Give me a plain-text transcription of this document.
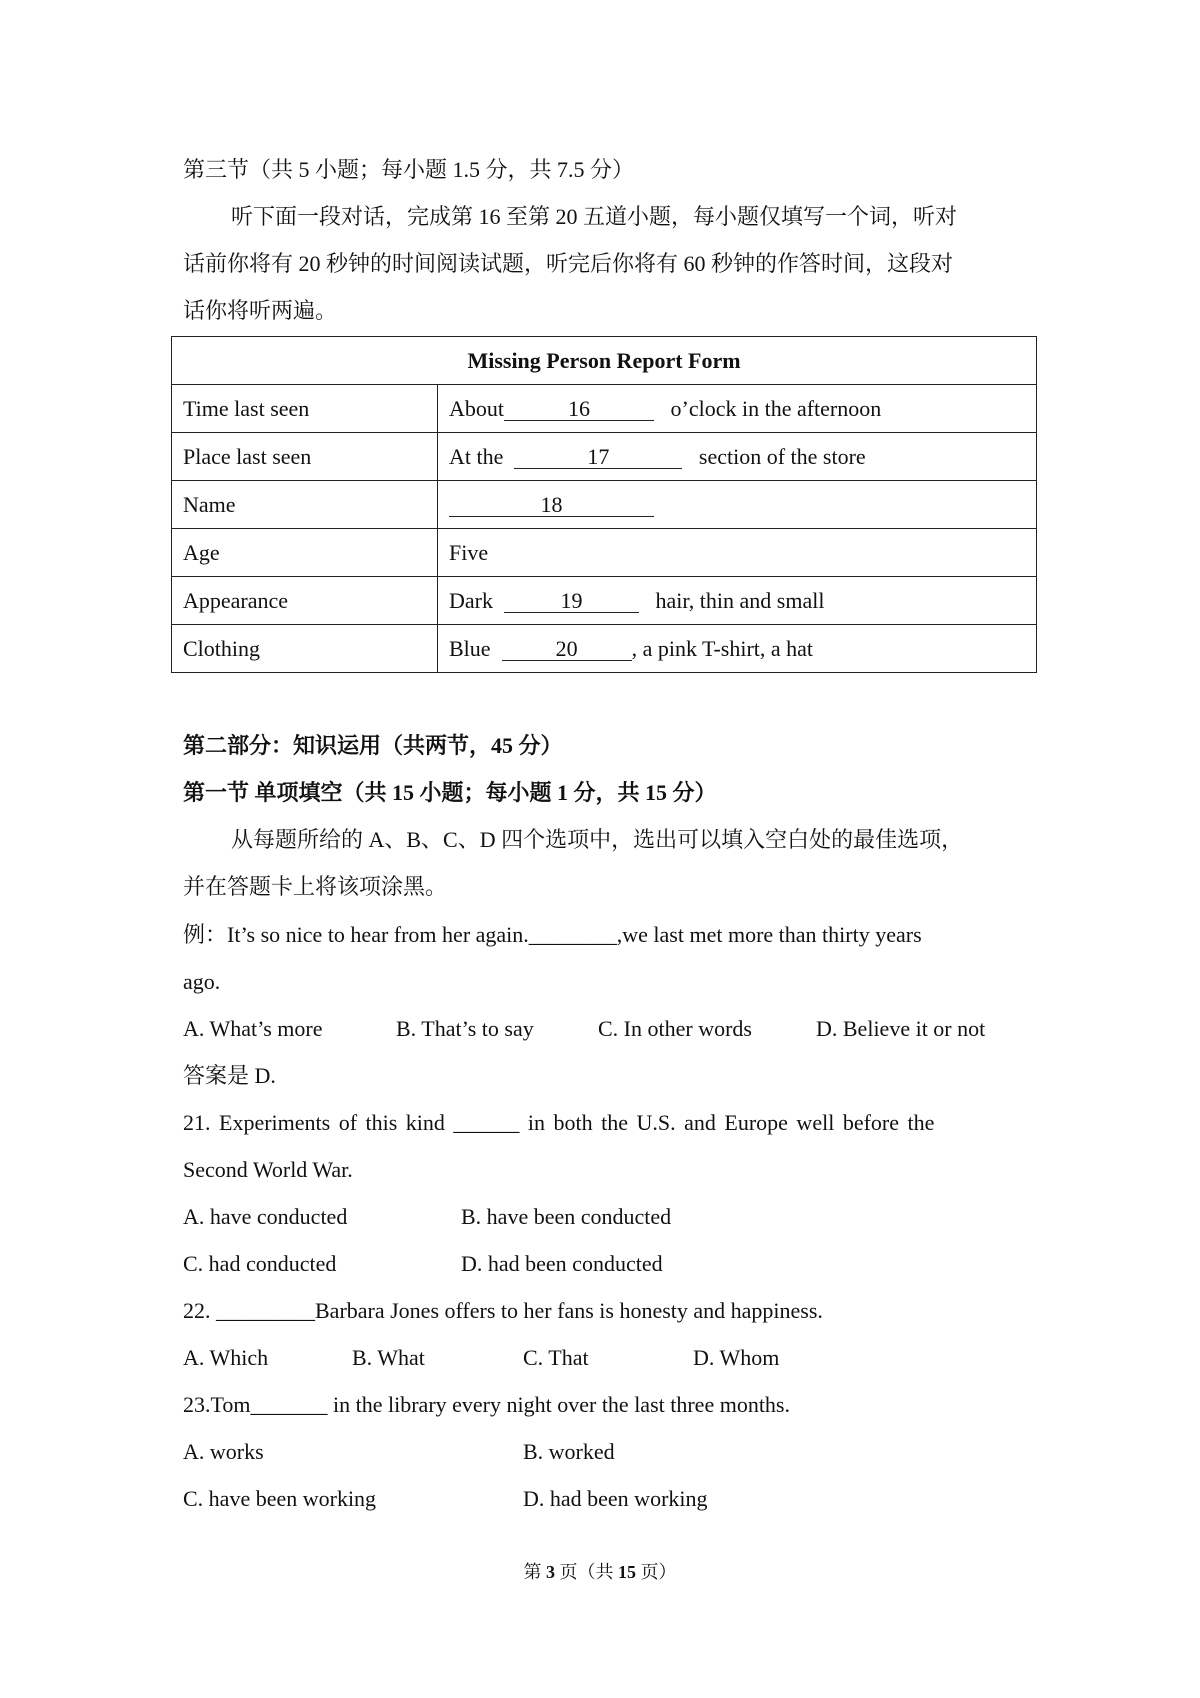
第三节（共 5 小题；每小题 1.5 分，共 7.5 分）
听下面一段对话，完成第 16 至第 20 五道小题，每小题仅填写一个词，听对
话前你将有 20 秒钟的时间阅读试题，听完后你将有 60 秒钟的作答时间，这段对
话你将听两遍。
Missing Person Report Form	
Time last seen	About 16 o’clock in the afternoon
Place last seen	At the 17 section of the store
Name	18
Age	Five
Appearance	Dark 19 hair, thin and small
Clothing	Blue 20 , a pink T-shirt, a hat
第二部分：知识运用（共两节，45 分）
第一节 单项填空（共 15 小题；每小题 1 分，共 15 分）
从每题所给的 A、B、C、D 四个选项中，选出可以填入空白处的最佳选项，
并在答题卡上将该项涂黑。
例：It’s so nice to hear from her again.________,we last met more than thirty years
ago.
A. What’s more	B. That’s to say	C. In other words	D. Believe it or not
答案是 D.
21. Experiments of this kind ______ in both the U.S. and Europe well before the
Second World War.
A. have conducted	B. have been conducted
C. had conducted	D. had been conducted
22. _________Barbara Jones offers to her fans is honesty and happiness.
A. Which	B. What	C. That	D. Whom
23.Tom_______ in the library every night over the last three months.
A. works	B. worked
C. have been working	D. had been working
第 3 页（共 15 页）
